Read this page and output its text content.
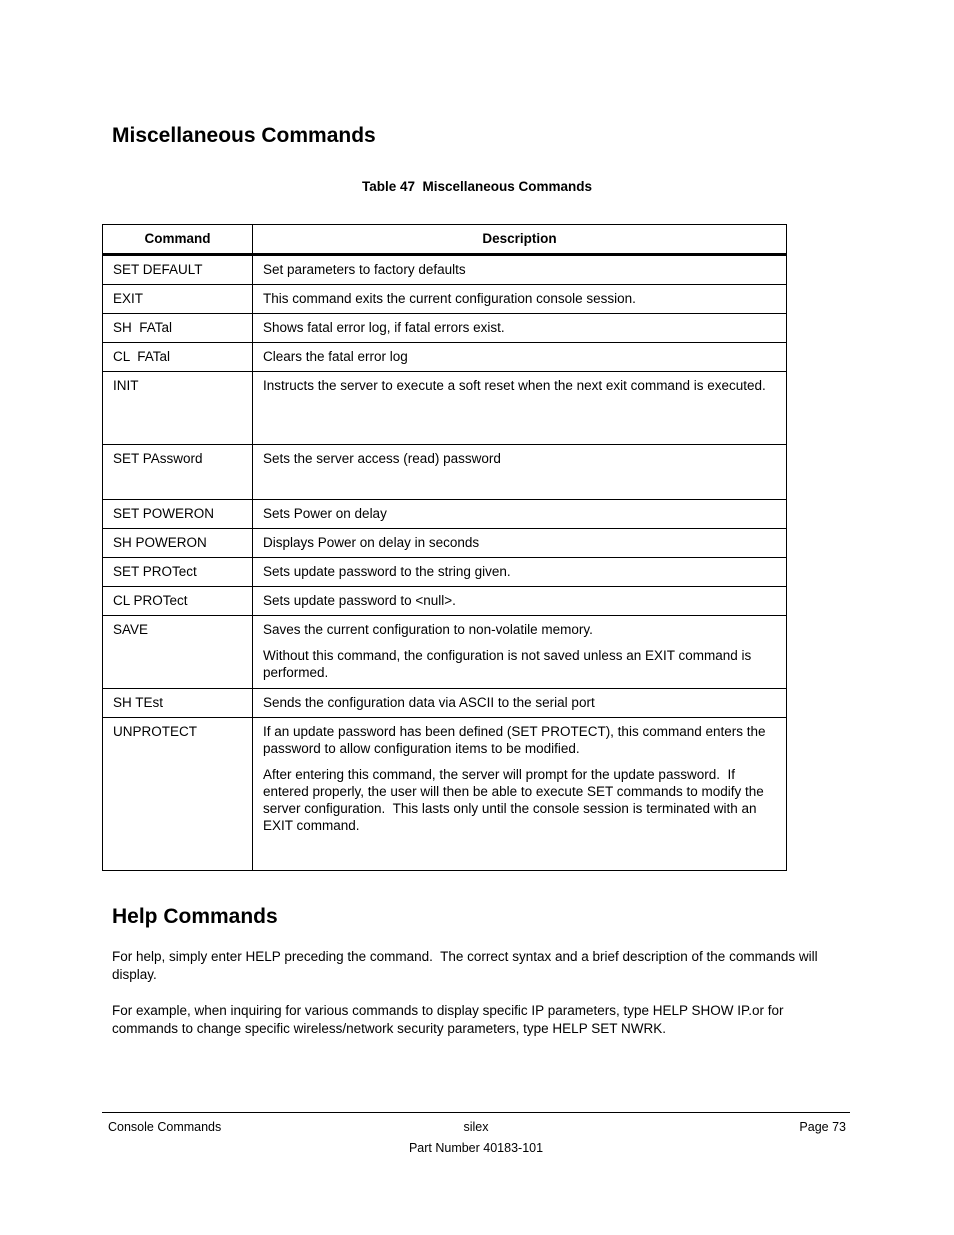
Miscellaneous Commands
Table 47  Miscellaneous Commands
Command	Description
SET DEFAULT	Set parameters to factory defaults

EXIT	This command exits the current configuration console session.

SH  FATal	Shows fatal error log, if fatal errors exist.

CL  FATal	Clears the fatal error log

INIT	Instructs the server to execute a soft reset when the next exit command is executed.

SET PAssword	Sets the server access (read) password

SET POWERON	Sets Power on delay

SH POWERON	Displays Power on delay in seconds

SET PROTect	Sets update password to the string given.

CL PROTect	Sets update password to <null>.

SAVE	Saves the current configuration to non-volatile memory.

Without this command, the configuration is not saved unless an EXIT command is performed.

SH TEst	Sends the configuration data via ASCII to the serial port

UNPROTECT	If an update password has been defined (SET PROTECT), this command enters the password to allow configuration items to be modified.

After entering this command, the server will prompt for the update password.  If entered properly, the user will then be able to execute SET commands to modify the server configuration.  This lasts only until the console session is terminated with an EXIT command.

Help Commands

For help, simply enter HELP preceding the command.  The correct syntax and a brief description of the commands will display.

For example, when inquiring for various commands to display specific IP parameters, type HELP SHOW IP.or for commands to change specific wireless/network security parameters, type HELP SET NWRK.

Console Commands	silex	Page 73
Part Number 40183-101
